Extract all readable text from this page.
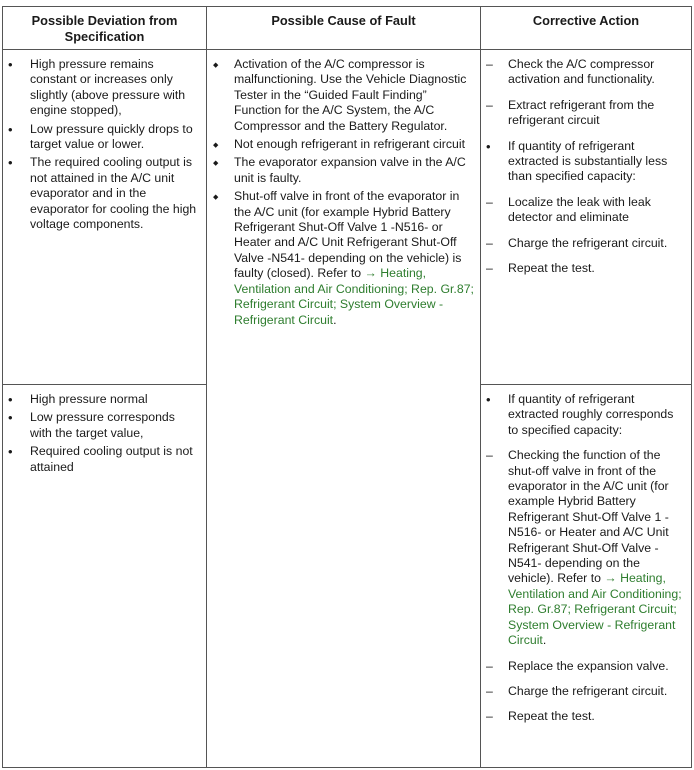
Possible Deviation from Specification
Possible Cause of Fault	Corrective Action
• High pressure remains constant or increases only slightly (above pressure with engine stopped),
• Low pressure quickly drops to target value or lower.
• The required cooling output is not attained in the A/C unit evaporator and in the evaporator for cooling the high voltage components.
◆ Activation of the A/C compressor is malfunctioning. Use the Vehicle Diagnostic Tester in the “Guided Fault Finding” Function for the A/C System, the A/C Compressor and the Battery Regulator.
◆ Not enough refrigerant in refrigerant circuit
◆ The evaporator expansion valve in the A/C unit is faulty.
◆ Shut-off valve in front of the evaporator in the A/C unit (for example Hybrid Battery Refrigerant Shut-Off Valve 1 -N516- or Heater and A/C Unit Refrigerant Shut-Off Valve -N541- depending on the vehicle) is faulty (closed). Refer to → Heating, Ventilation and Air Conditioning; Rep. Gr.87; Refrigerant Circuit; System Overview - Refrigerant Circuit.
– Check the A/C compressor activation and functionality.
– Extract refrigerant from the refrigerant circuit
• If quantity of refrigerant extracted is substantially less than specified capacity:
– Localize the leak with leak detector and eliminate
– Charge the refrigerant circuit.
– Repeat the test.
• High pressure normal
• Low pressure corresponds with the target value,
• Required cooling output is not attained
• If quantity of refrigerant extracted roughly corresponds to specified capacity:
– Checking the function of the shut-off valve in front of the evaporator in the A/C unit (for example Hybrid Battery Refrigerant Shut-Off Valve 1 -N516- or Heater and A/C Unit Refrigerant Shut-Off Valve -N541- depending on the vehicle). Refer to → Heating, Ventilation and Air Conditioning; Rep. Gr.87; Refrigerant Circuit; System Overview - Refrigerant Circuit.
– Replace the expansion valve.
– Charge the refrigerant circuit.
– Repeat the test.
